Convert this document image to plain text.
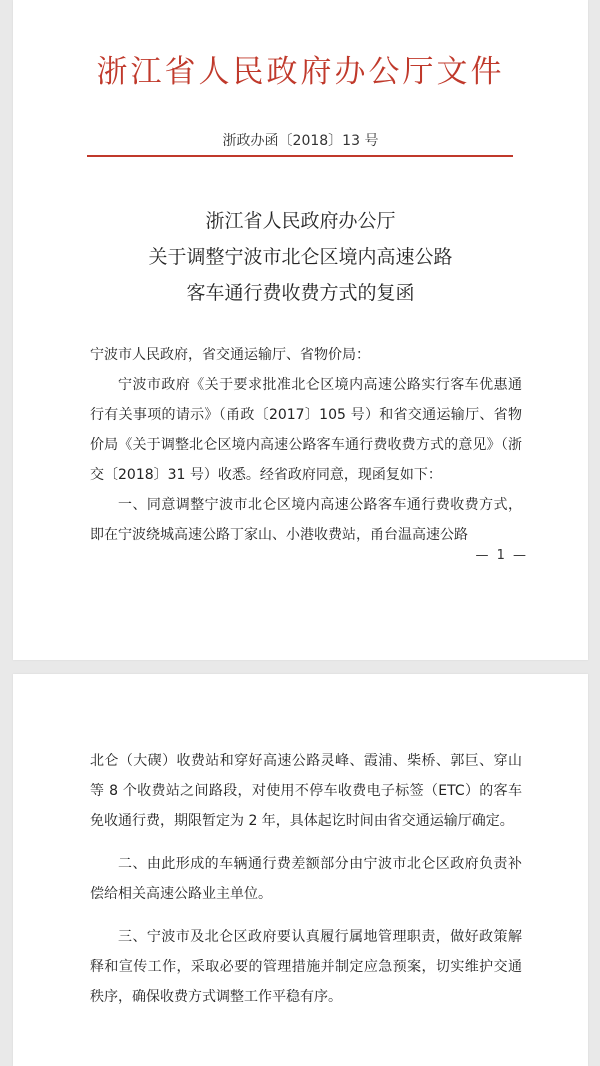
浙江省人民政府办公厅文件
浙政办函〔2018〕13 号
浙江省人民政府办公厅
关于调整宁波市北仑区境内高速公路
客车通行费收费方式的复函

宁波市人民政府，省交通运输厅、省物价局：

宁波市政府《关于要求批准北仑区境内高速公路实行客车优惠通行有关事项的请示》（甬政〔2017〕105 号）和省交通运输厅、省物价局《关于调整北仑区境内高速公路客车通行费收费方式的意见》（浙交〔2018〕31 号）收悉。经省政府同意，现函复如下：

一、同意调整宁波市北仑区境内高速公路客车通行费收费方式，即在宁波绕城高速公路丁家山、小港收费站，甬台温高速公路

— 1 —

北仑（大碶）收费站和穿好高速公路灵峰、霞浦、柴桥、郭巨、穿山等 8 个收费站之间路段，对使用不停车收费电子标签（ETC）的客车免收通行费，期限暂定为 2 年，具体起讫时间由省交通运输厅确定。

二、由此形成的车辆通行费差额部分由宁波市北仑区政府负责补偿给相关高速公路业主单位。

三、宁波市及北仑区政府要认真履行属地管理职责，做好政策解释和宣传工作，采取必要的管理措施并制定应急预案，切实维护交通秩序，确保收费方式调整工作平稳有序。
